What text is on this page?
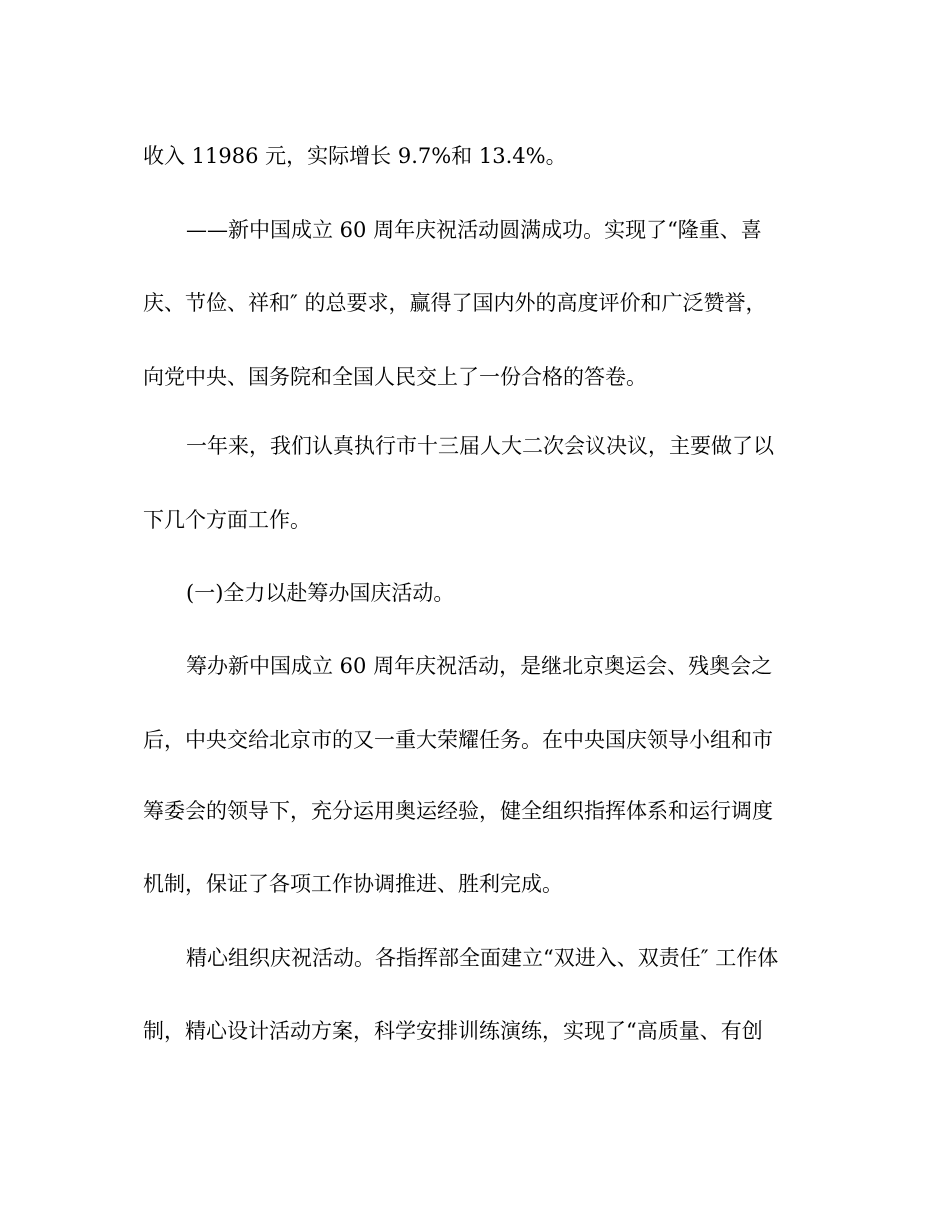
收入 11986 元，实际增长 9.7%和 13.4%。
——新中国成立 60 周年庆祝活动圆满成功。实现了“隆重、喜
庆、节俭、祥和″ 的总要求，赢得了国内外的高度评价和广泛赞誉，
向党中央、国务院和全国人民交上了一份合格的答卷。
一年来，我们认真执行市十三届人大二次会议决议，主要做了以
下几个方面工作。
(一)全力以赴筹办国庆活动。
筹办新中国成立 60 周年庆祝活动，是继北京奥运会、残奥会之
后，中央交给北京市的又一重大荣耀任务。在中央国庆领导小组和市
筹委会的领导下，充分运用奥运经验，健全组织指挥体系和运行调度
机制，保证了各项工作协调推进、胜利完成。
精心组织庆祝活动。各指挥部全面建立“双进入、双责任″ 工作体
制，精心设计活动方案，科学安排训练演练，实现了“高质量、有创
